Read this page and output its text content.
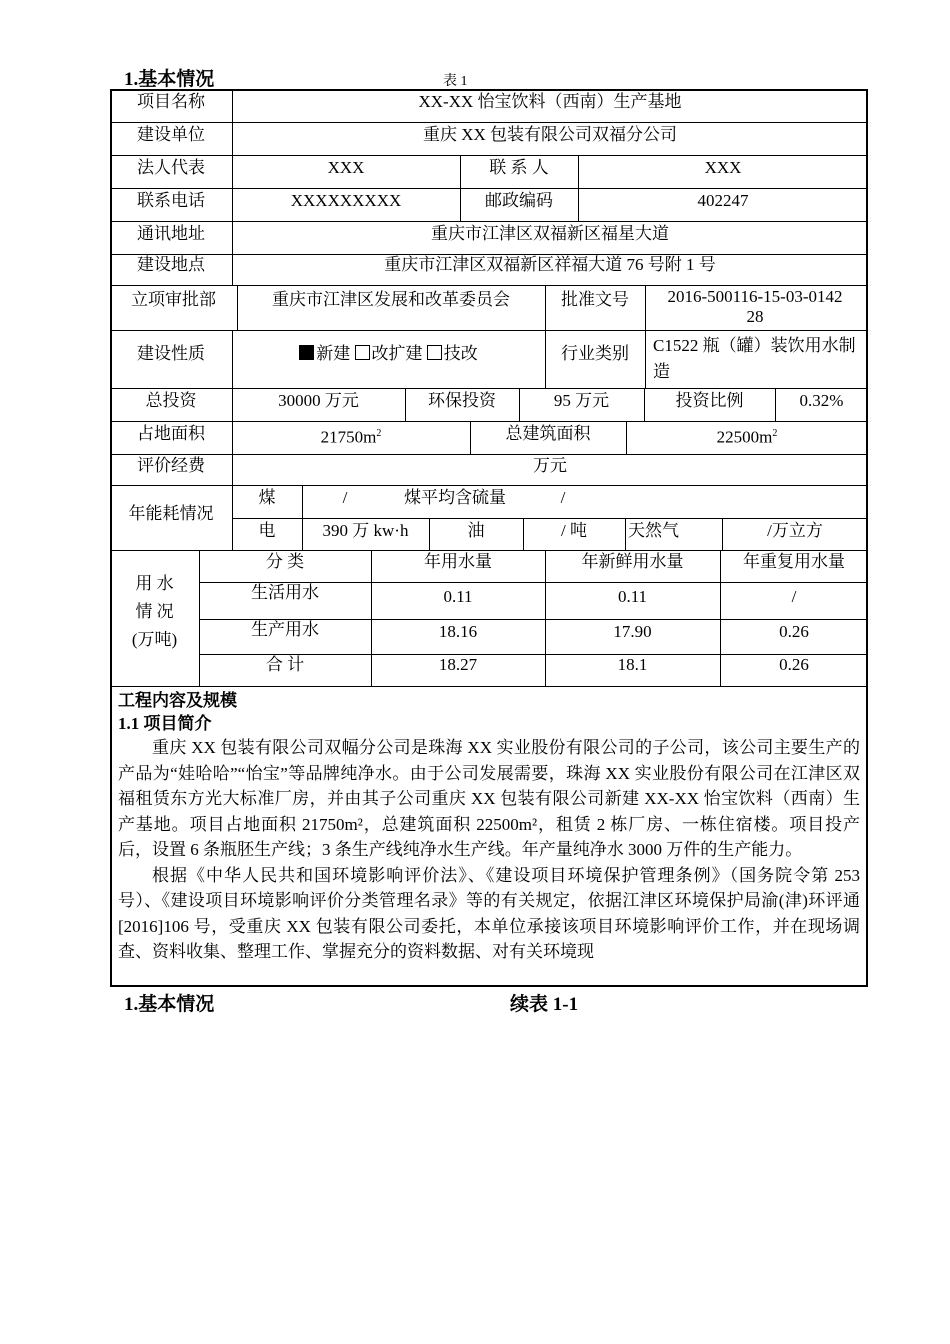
1.基本情况	表 1
项目名称	XX-XX 怡宝饮料（西南）生产基地
建设单位	重庆 XX 包装有限公司双福分公司
法人代表	XXX	联 系 人	XXX
联系电话	XXXXXXXXX	邮政编码	402247
通讯地址	重庆市江津区双福新区福星大道
建设地点	重庆市江津区双福新区祥福大道 76 号附 1 号
立项审批部	重庆市江津区发展和改革委员会	批准文号	2016-500116-15-03-014228
建设性质	新建 改扩建 技改	行业类别	C1522 瓶（罐）装饮用水制造
总投资	30000 万元	环保投资	95 万元	投资比例	0.32%
占地面积	$21750m^2$	总建筑面积	$22500m^2$
评价经费	万元
年能耗情况
煤	/	煤平均含硫量	/
电	390 万 kw·h	油	/ 吨	天然气	/万立方
用 水
情 况
(万吨)
分 类	年用水量	年新鲜用水量	年重复用水量
生活用水	0.11	0.11	/
生产用水	18.16	17.90	0.26
合 计	18.27	18.1	0.26
工程内容及规模
1.1 项目简介
重庆 XX 包装有限公司双幅分公司是珠海 XX 实业股份有限公司的子公司，该公司主要生产的产品为“娃哈哈”“怡宝”等品牌纯净水。由于公司发展需要，珠海 XX 实业股份有限公司在江津区双福租赁东方光大标准厂房，并由其子公司重庆 XX 包装有限公司新建 XX-XX 怡宝饮料（西南）生产基地。项目占地面积 21750m²，总建筑面积 22500m²，租赁 2 栋厂房、一栋住宿楼。项目投产后，设置 6 条瓶胚生产线；3 条生产线纯净水生产线。年产量纯净水 3000 万件的生产能力。
根据《中华人民共和国环境影响评价法》、《建设项目环境保护管理条例》（国务院令第 253 号）、《建设项目环境影响评价分类管理名录》等的有关规定，依据江津区环境保护局渝(津)环评通[2016]106 号，受重庆 XX 包装有限公司委托，本单位承接该项目环境影响评价工作，并在现场调查、资料收集、整理工作、掌握充分的资料数据、对有关环境现
1.基本情况	续表 1-1
